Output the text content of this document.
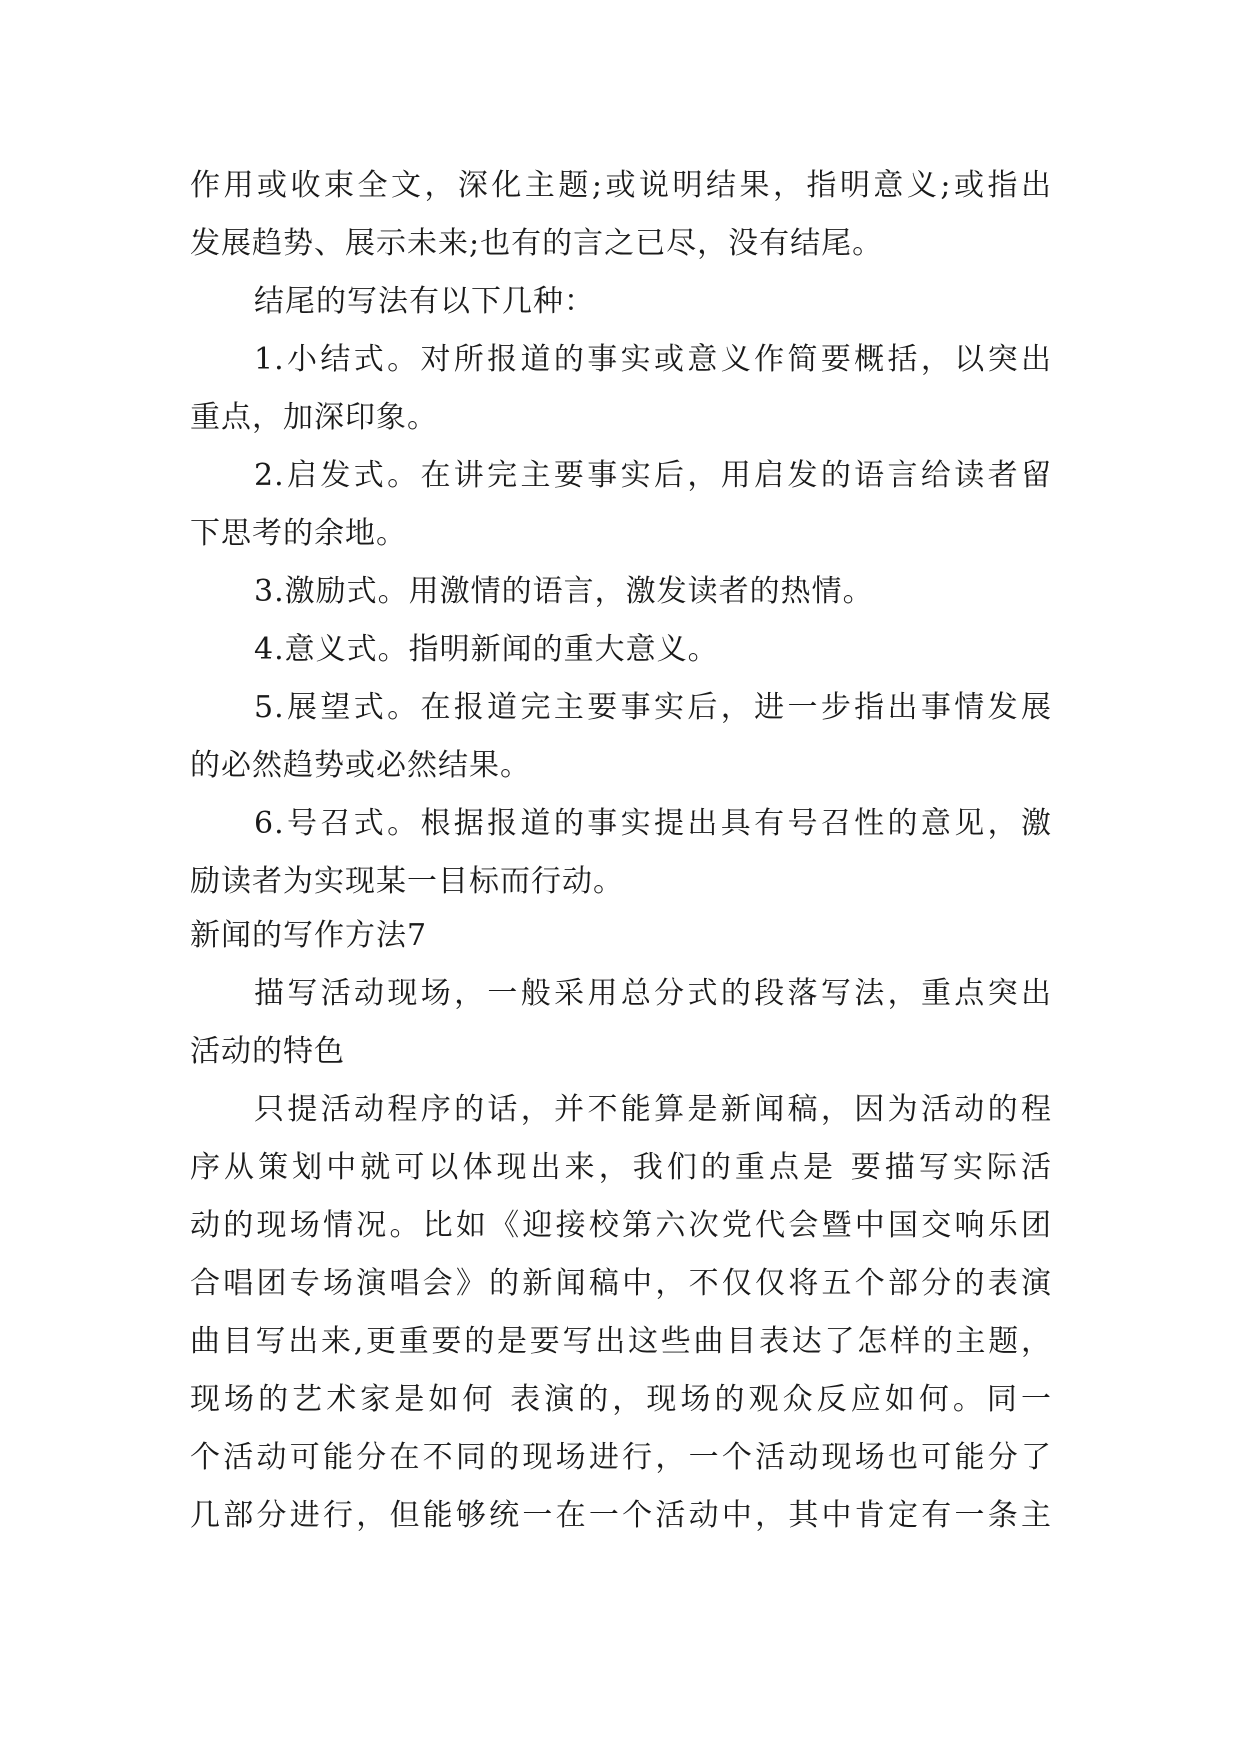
作用或收束全文，深化主题;或说明结果，指明意义;或指出
发展趋势、展示未来;也有的言之已尽，没有结尾。
结尾的写法有以下几种：
1.小结式。对所报道的事实或意义作简要概括，以突出
重点，加深印象。
2.启发式。在讲完主要事实后，用启发的语言给读者留
下思考的余地。
3.激励式。用激情的语言，激发读者的热情。
4.意义式。指明新闻的重大意义。
5.展望式。在报道完主要事实后，进一步指出事情发展
的必然趋势或必然结果。
6.号召式。根据报道的事实提出具有号召性的意见，激
励读者为实现某一目标而行动。
新闻的写作方法7
描写活动现场，一般采用总分式的段落写法，重点突出
活动的特色
只提活动程序的话，并不能算是新闻稿，因为活动的程
序从策划中就可以体现出来，我们的重点是 要描写实际活
动的现场情况。比如《迎接校第六次党代会暨中国交响乐团
合唱团专场演唱会》的新闻稿中，不仅仅将五个部分的表演
曲目写出来,更重要的是要写出这些曲目表达了怎样的主题，
现场的艺术家是如何 表演的，现场的观众反应如何。同一
个活动可能分在不同的现场进行，一个活动现场也可能分了
几部分进行，但能够统一在一个活动中，其中肯定有一条主
